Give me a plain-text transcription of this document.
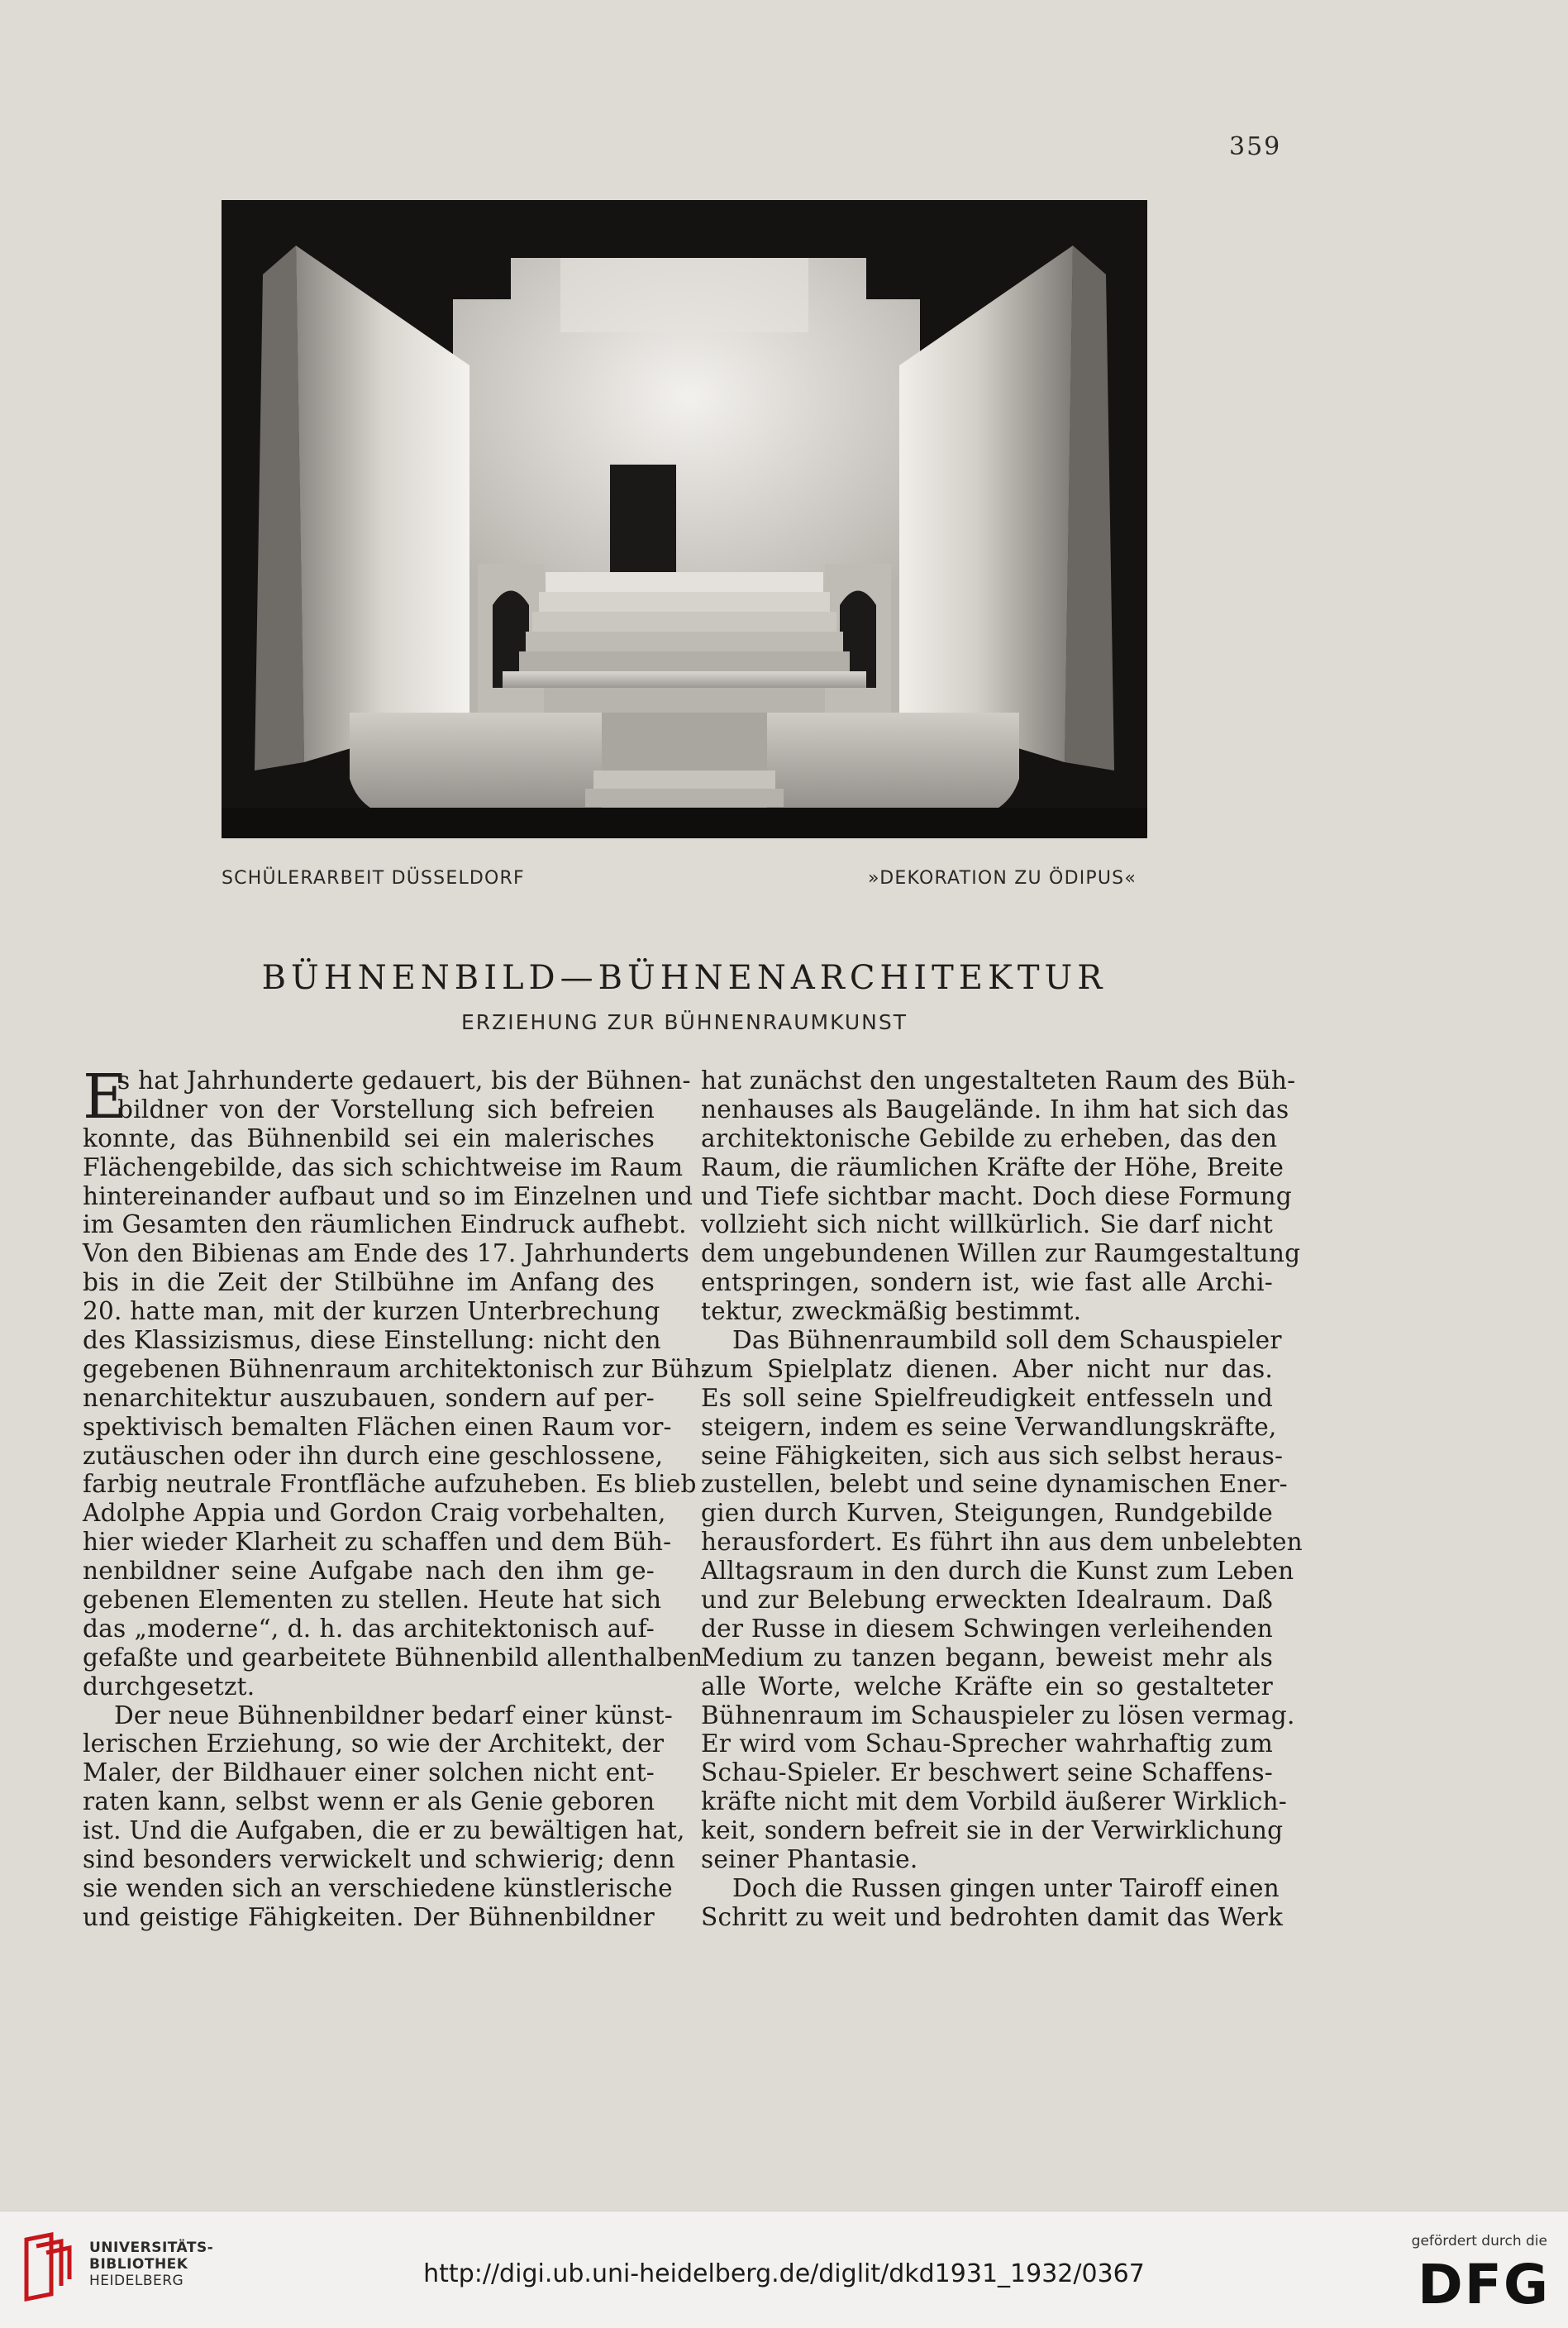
359
SCHÜLERARBEIT DÜSSELDORF	»DEKORATION ZU ÖDIPUS«
BÜHNENBILD—BÜHNENARCHITEKTUR
ERZIEHUNG ZUR BÜHNENRAUMKUNST
E
s hat Jahrhunderte gedauert, bis der Bühnen-
bildner von der Vorstellung sich befreien
konnte, das Bühnenbild sei ein malerisches
Flächengebilde, das sich schichtweise im Raum
hintereinander aufbaut und so im Einzelnen und
im Gesamten den räumlichen Eindruck aufhebt.
Von den Bibienas am Ende des 17. Jahrhunderts
bis in die Zeit der Stilbühne im Anfang des
20. hatte man, mit der kurzen Unterbrechung
des Klassizismus, diese Einstellung: nicht den
gegebenen Bühnenraum architektonisch zur Büh-
nenarchitektur auszubauen, sondern auf per-
spektivisch bemalten Flächen einen Raum vor-
zutäuschen oder ihn durch eine geschlossene,
farbig neutrale Frontfläche aufzuheben. Es blieb
Adolphe Appia und Gordon Craig vorbehalten,
hier wieder Klarheit zu schaffen und dem Büh-
nenbildner seine Aufgabe nach den ihm ge-
gebenen Elementen zu stellen. Heute hat sich
das „moderne“, d. h. das architektonisch auf-
gefaßte und gearbeitete Bühnenbild allenthalben
durchgesetzt.
Der neue Bühnenbildner bedarf einer künst-
lerischen Erziehung, so wie der Architekt, der
Maler, der Bildhauer einer solchen nicht ent-
raten kann, selbst wenn er als Genie geboren
ist. Und die Aufgaben, die er zu bewältigen hat,
sind besonders verwickelt und schwierig; denn
sie wenden sich an verschiedene künstlerische
und geistige Fähigkeiten. Der Bühnenbildner
hat zunächst den ungestalteten Raum des Büh-
nenhauses als Baugelände. In ihm hat sich das
architektonische Gebilde zu erheben, das den
Raum, die räumlichen Kräfte der Höhe, Breite
und Tiefe sichtbar macht. Doch diese Formung
vollzieht sich nicht willkürlich. Sie darf nicht
dem ungebundenen Willen zur Raumgestaltung
entspringen, sondern ist, wie fast alle Archi-
tektur, zweckmäßig bestimmt.
Das Bühnenraumbild soll dem Schauspieler
zum Spielplatz dienen. Aber nicht nur das.
Es soll seine Spielfreudigkeit entfesseln und
steigern, indem es seine Verwandlungskräfte,
seine Fähigkeiten, sich aus sich selbst heraus-
zustellen, belebt und seine dynamischen Ener-
gien durch Kurven, Steigungen, Rundgebilde
herausfordert. Es führt ihn aus dem unbelebten
Alltagsraum in den durch die Kunst zum Leben
und zur Belebung erweckten Idealraum. Daß
der Russe in diesem Schwingen verleihenden
Medium zu tanzen begann, beweist mehr als
alle Worte, welche Kräfte ein so gestalteter
Bühnenraum im Schauspieler zu lösen vermag.
Er wird vom Schau-Sprecher wahrhaftig zum
Schau-Spieler. Er beschwert seine Schaffens-
kräfte nicht mit dem Vorbild äußerer Wirklich-
keit, sondern befreit sie in der Verwirklichung
seiner Phantasie.
Doch die Russen gingen unter Tairoff einen
Schritt zu weit und bedrohten damit das Werk
UNIVERSITÄTS-
BIBLIOTHEK
HEIDELBERG	http://digi.ub.uni-heidelberg.de/diglit/dkd1931_1932/0367
gefördert durch die
DFG
